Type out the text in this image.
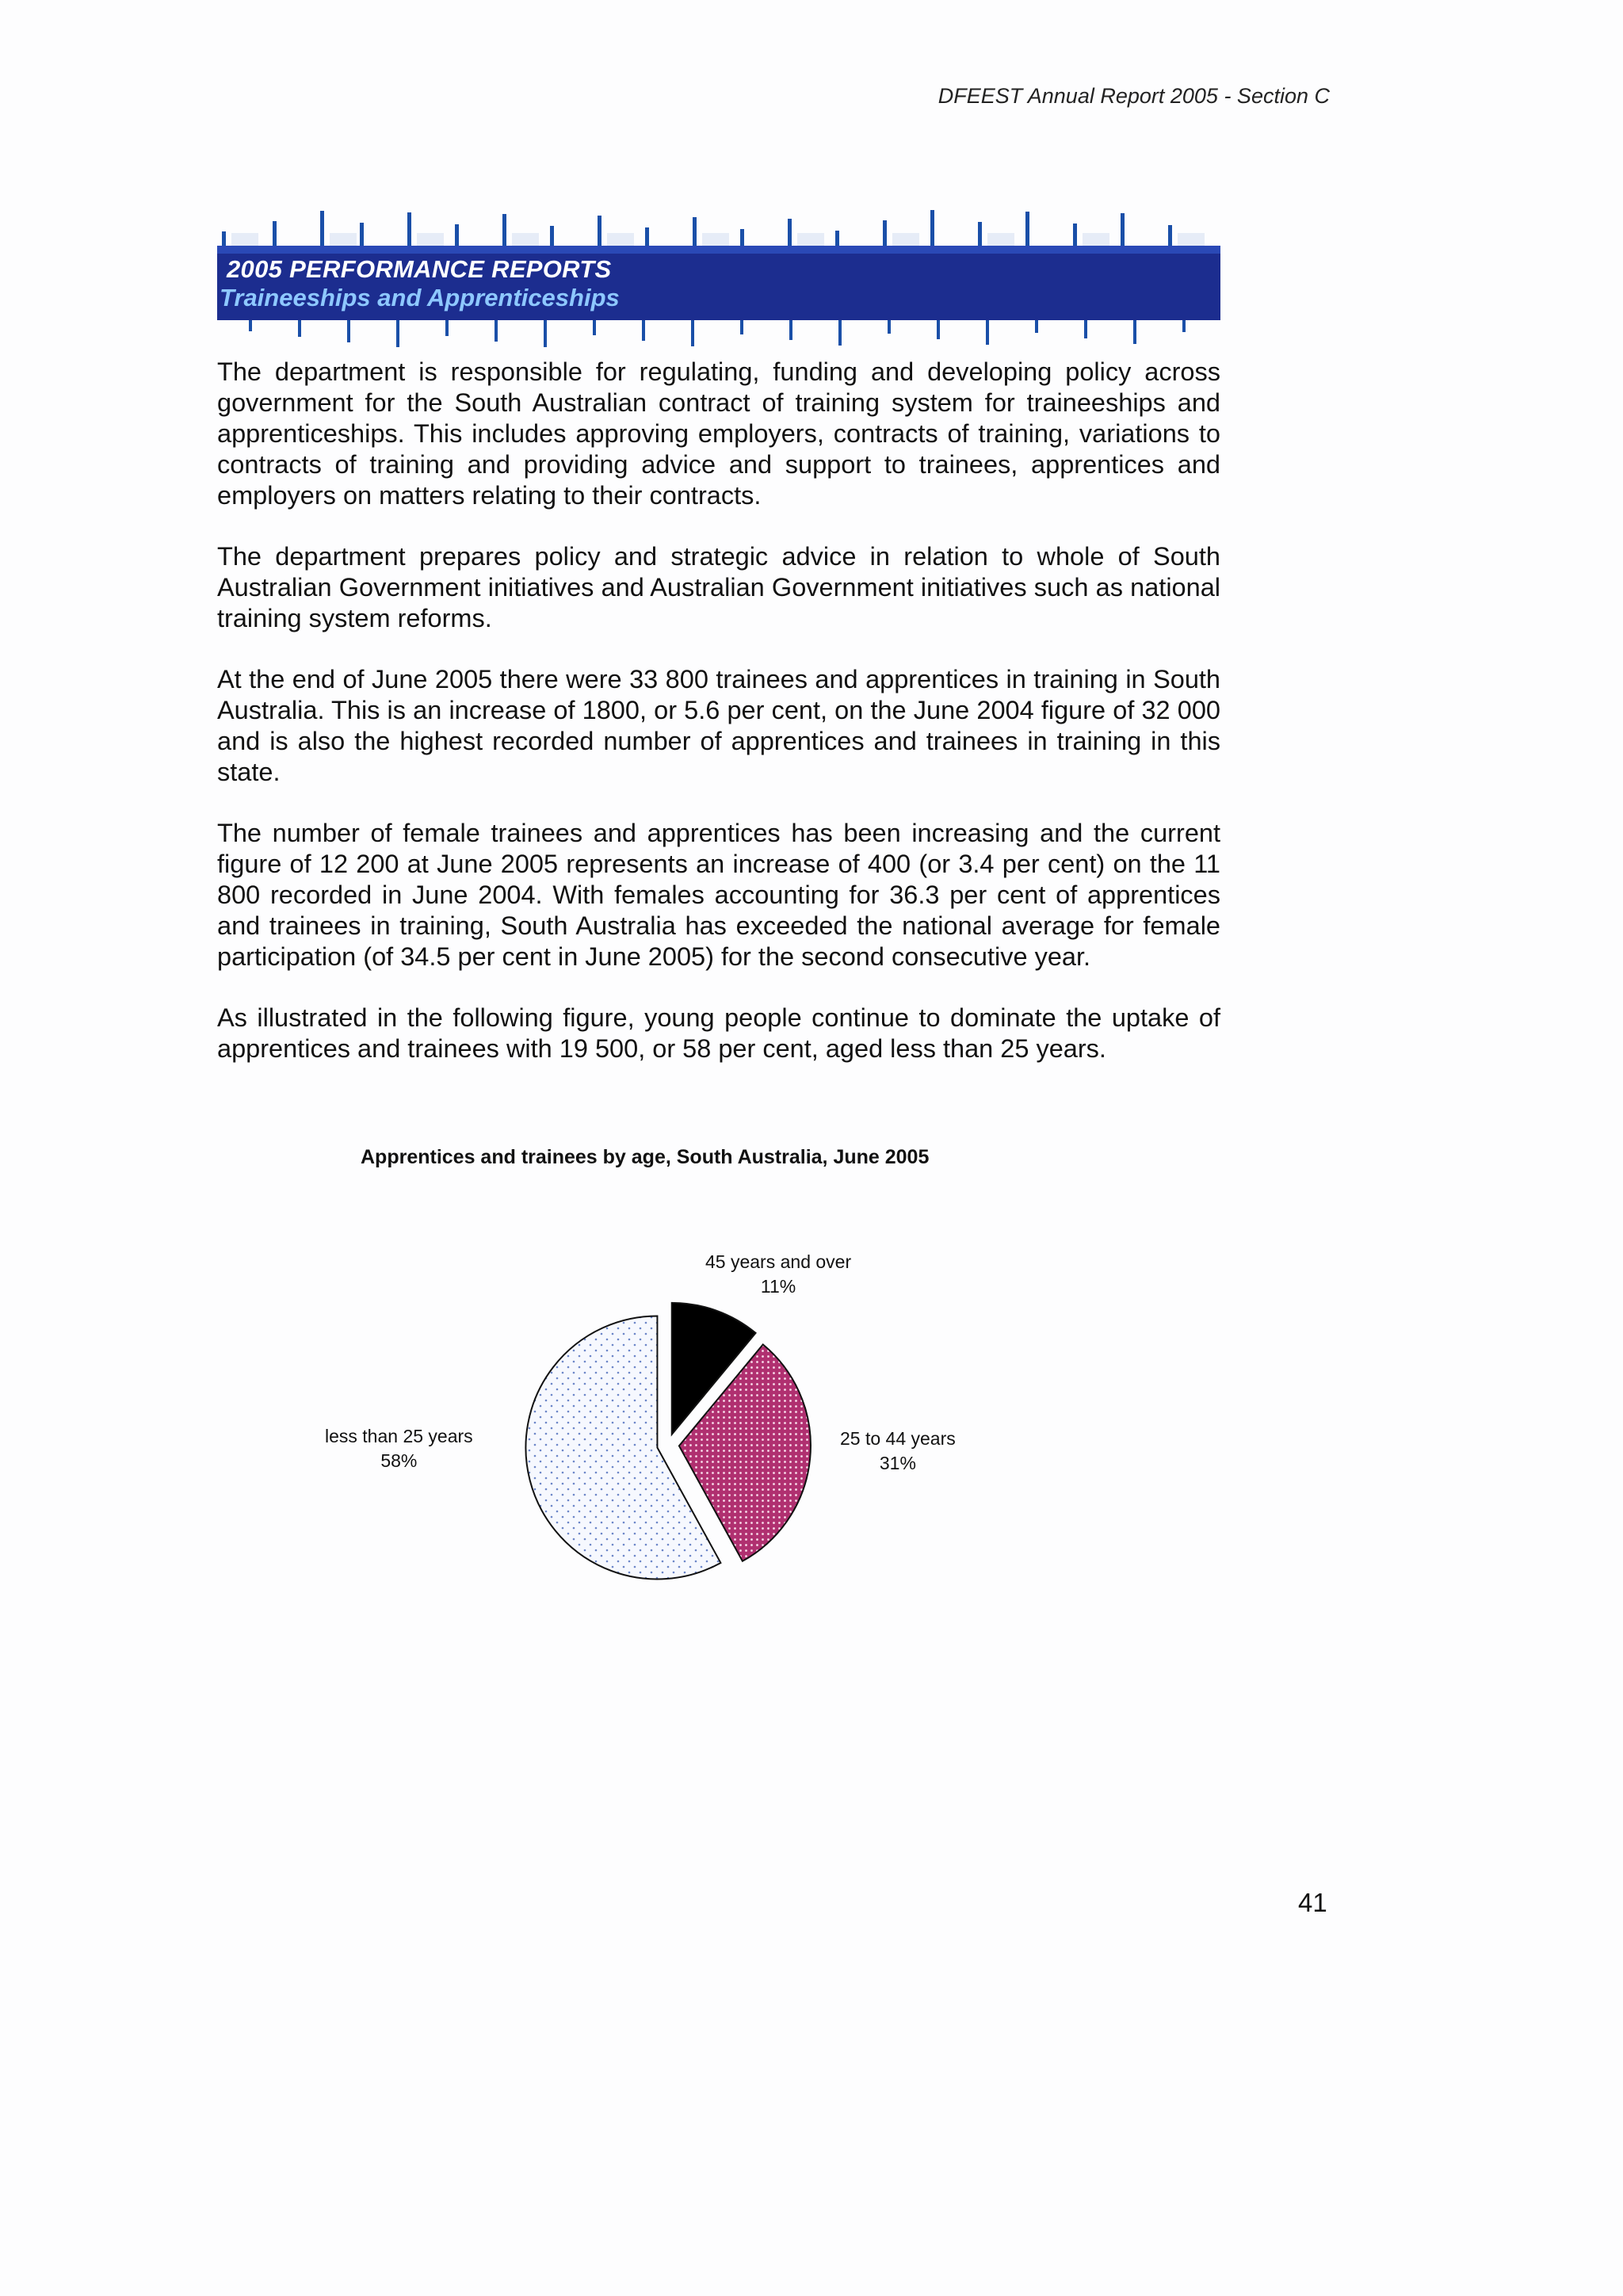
DFEEST Annual Report 2005 - Section C
2005 PERFORMANCE REPORTS
Traineeships and Apprenticeships

The department is responsible for regulating, funding and developing policy across government for the South Australian contract of training system for traineeships and apprenticeships. This includes approving employers, contracts of training, variations to contracts of training and providing advice and support to trainees, apprentices and employers on matters relating to their contracts.

The department prepares policy and strategic advice in relation to whole of South Australian Government initiatives and Australian Government initiatives such as national training system reforms.

At the end of June 2005 there were 33 800 trainees and apprentices in training in South Australia. This is an increase of 1800, or 5.6 per cent, on the June 2004 figure of 32 000 and is also the highest recorded number of apprentices and trainees in training in this state.

The number of female trainees and apprentices has been increasing and the current figure of 12 200 at June 2005 represents an increase of 400 (or 3.4 per cent) on the 11 800 recorded in June 2004. With females accounting for 36.3 per cent of apprentices and trainees in training, South Australia has exceeded the national average for female participation (of 34.5 per cent in June 2005) for the second consecutive year.

As illustrated in the following figure, young people continue to dominate the uptake of apprentices and trainees with 19 500, or 58 per cent, aged less than 25 years.

Apprentices and trainees by age, South Australia, June 2005
45 years and over
11%
25 to 44 years
31%
less than 25 years
58%
41
